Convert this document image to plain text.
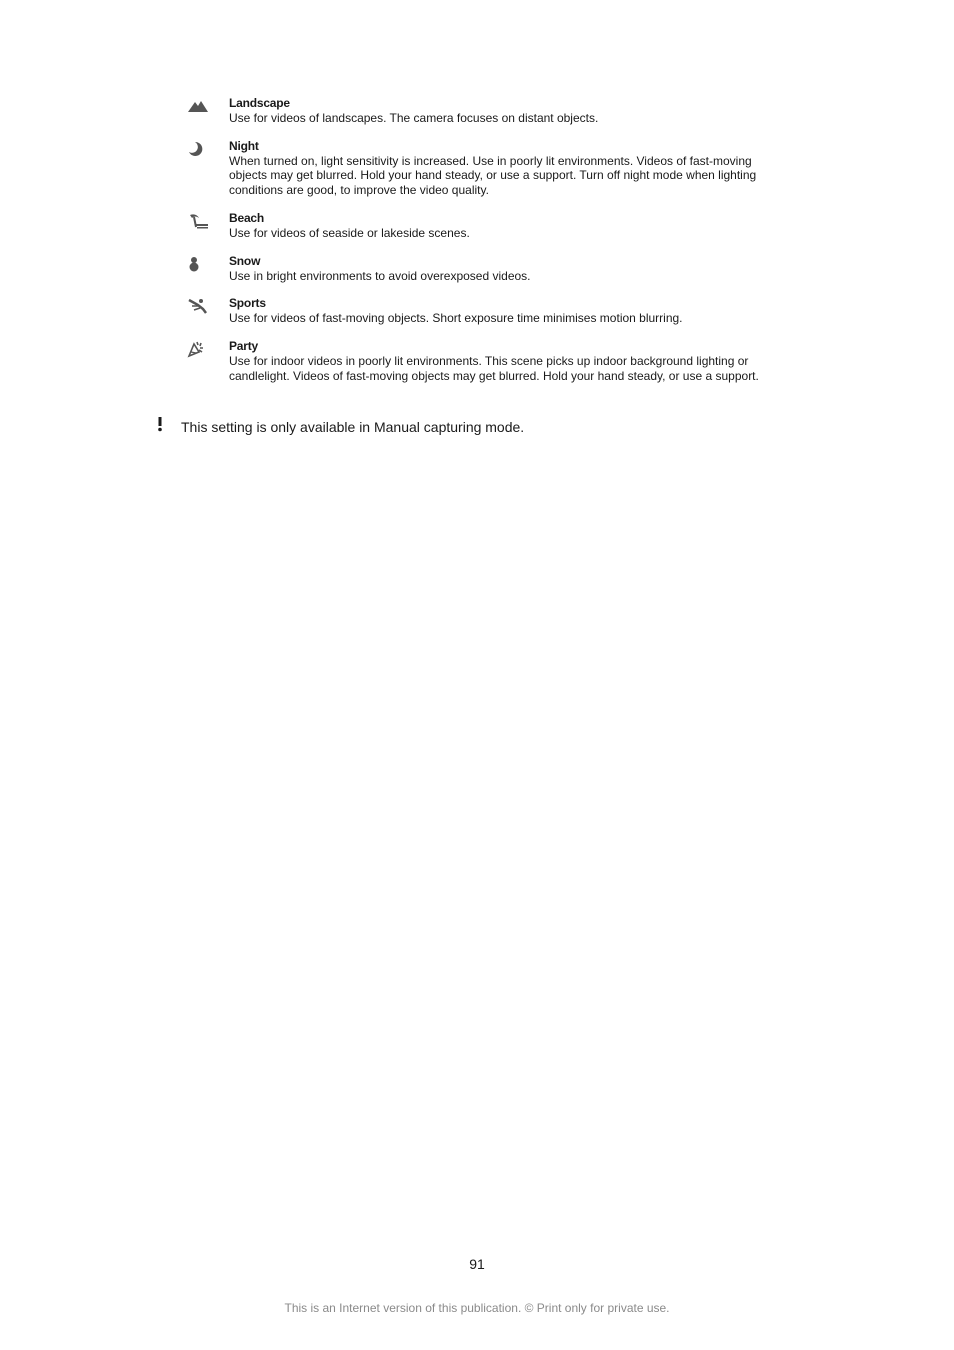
Landscape
Use for videos of landscapes. The camera focuses on distant objects.
Night
When turned on, light sensitivity is increased. Use in poorly lit environments. Videos of fast-moving objects may get blurred. Hold your hand steady, or use a support. Turn off night mode when lighting conditions are good, to improve the video quality.
Beach
Use for videos of seaside or lakeside scenes.
Snow
Use in bright environments to avoid overexposed videos.
Sports
Use for videos of fast-moving objects. Short exposure time minimises motion blurring.
Party
Use for indoor videos in poorly lit environments. This scene picks up indoor background lighting or candlelight. Videos of fast-moving objects may get blurred. Hold your hand steady, or use a support.
This setting is only available in Manual capturing mode.
91
This is an Internet version of this publication. © Print only for private use.
